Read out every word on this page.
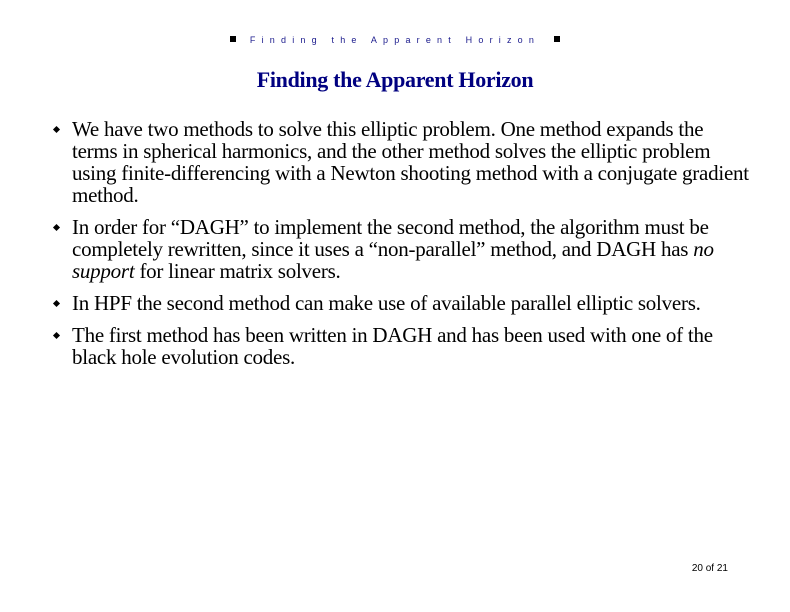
Finding the Apparent Horizon
Finding the Apparent Horizon
We have two methods to solve this elliptic problem. One method expands the terms in spherical harmonics, and the other method solves the elliptic problem using finite-differencing with a Newton shooting method with a conjugate gradient method.
In order for “DAGH” to implement the second method, the algorithm must be completely rewritten, since it uses a “non-parallel” method, and DAGH has no support for linear matrix solvers.
In HPF the second method can make use of available parallel elliptic solvers.
The first method has been written in DAGH and has been used with one of the black hole evolution codes.
20 of 21
